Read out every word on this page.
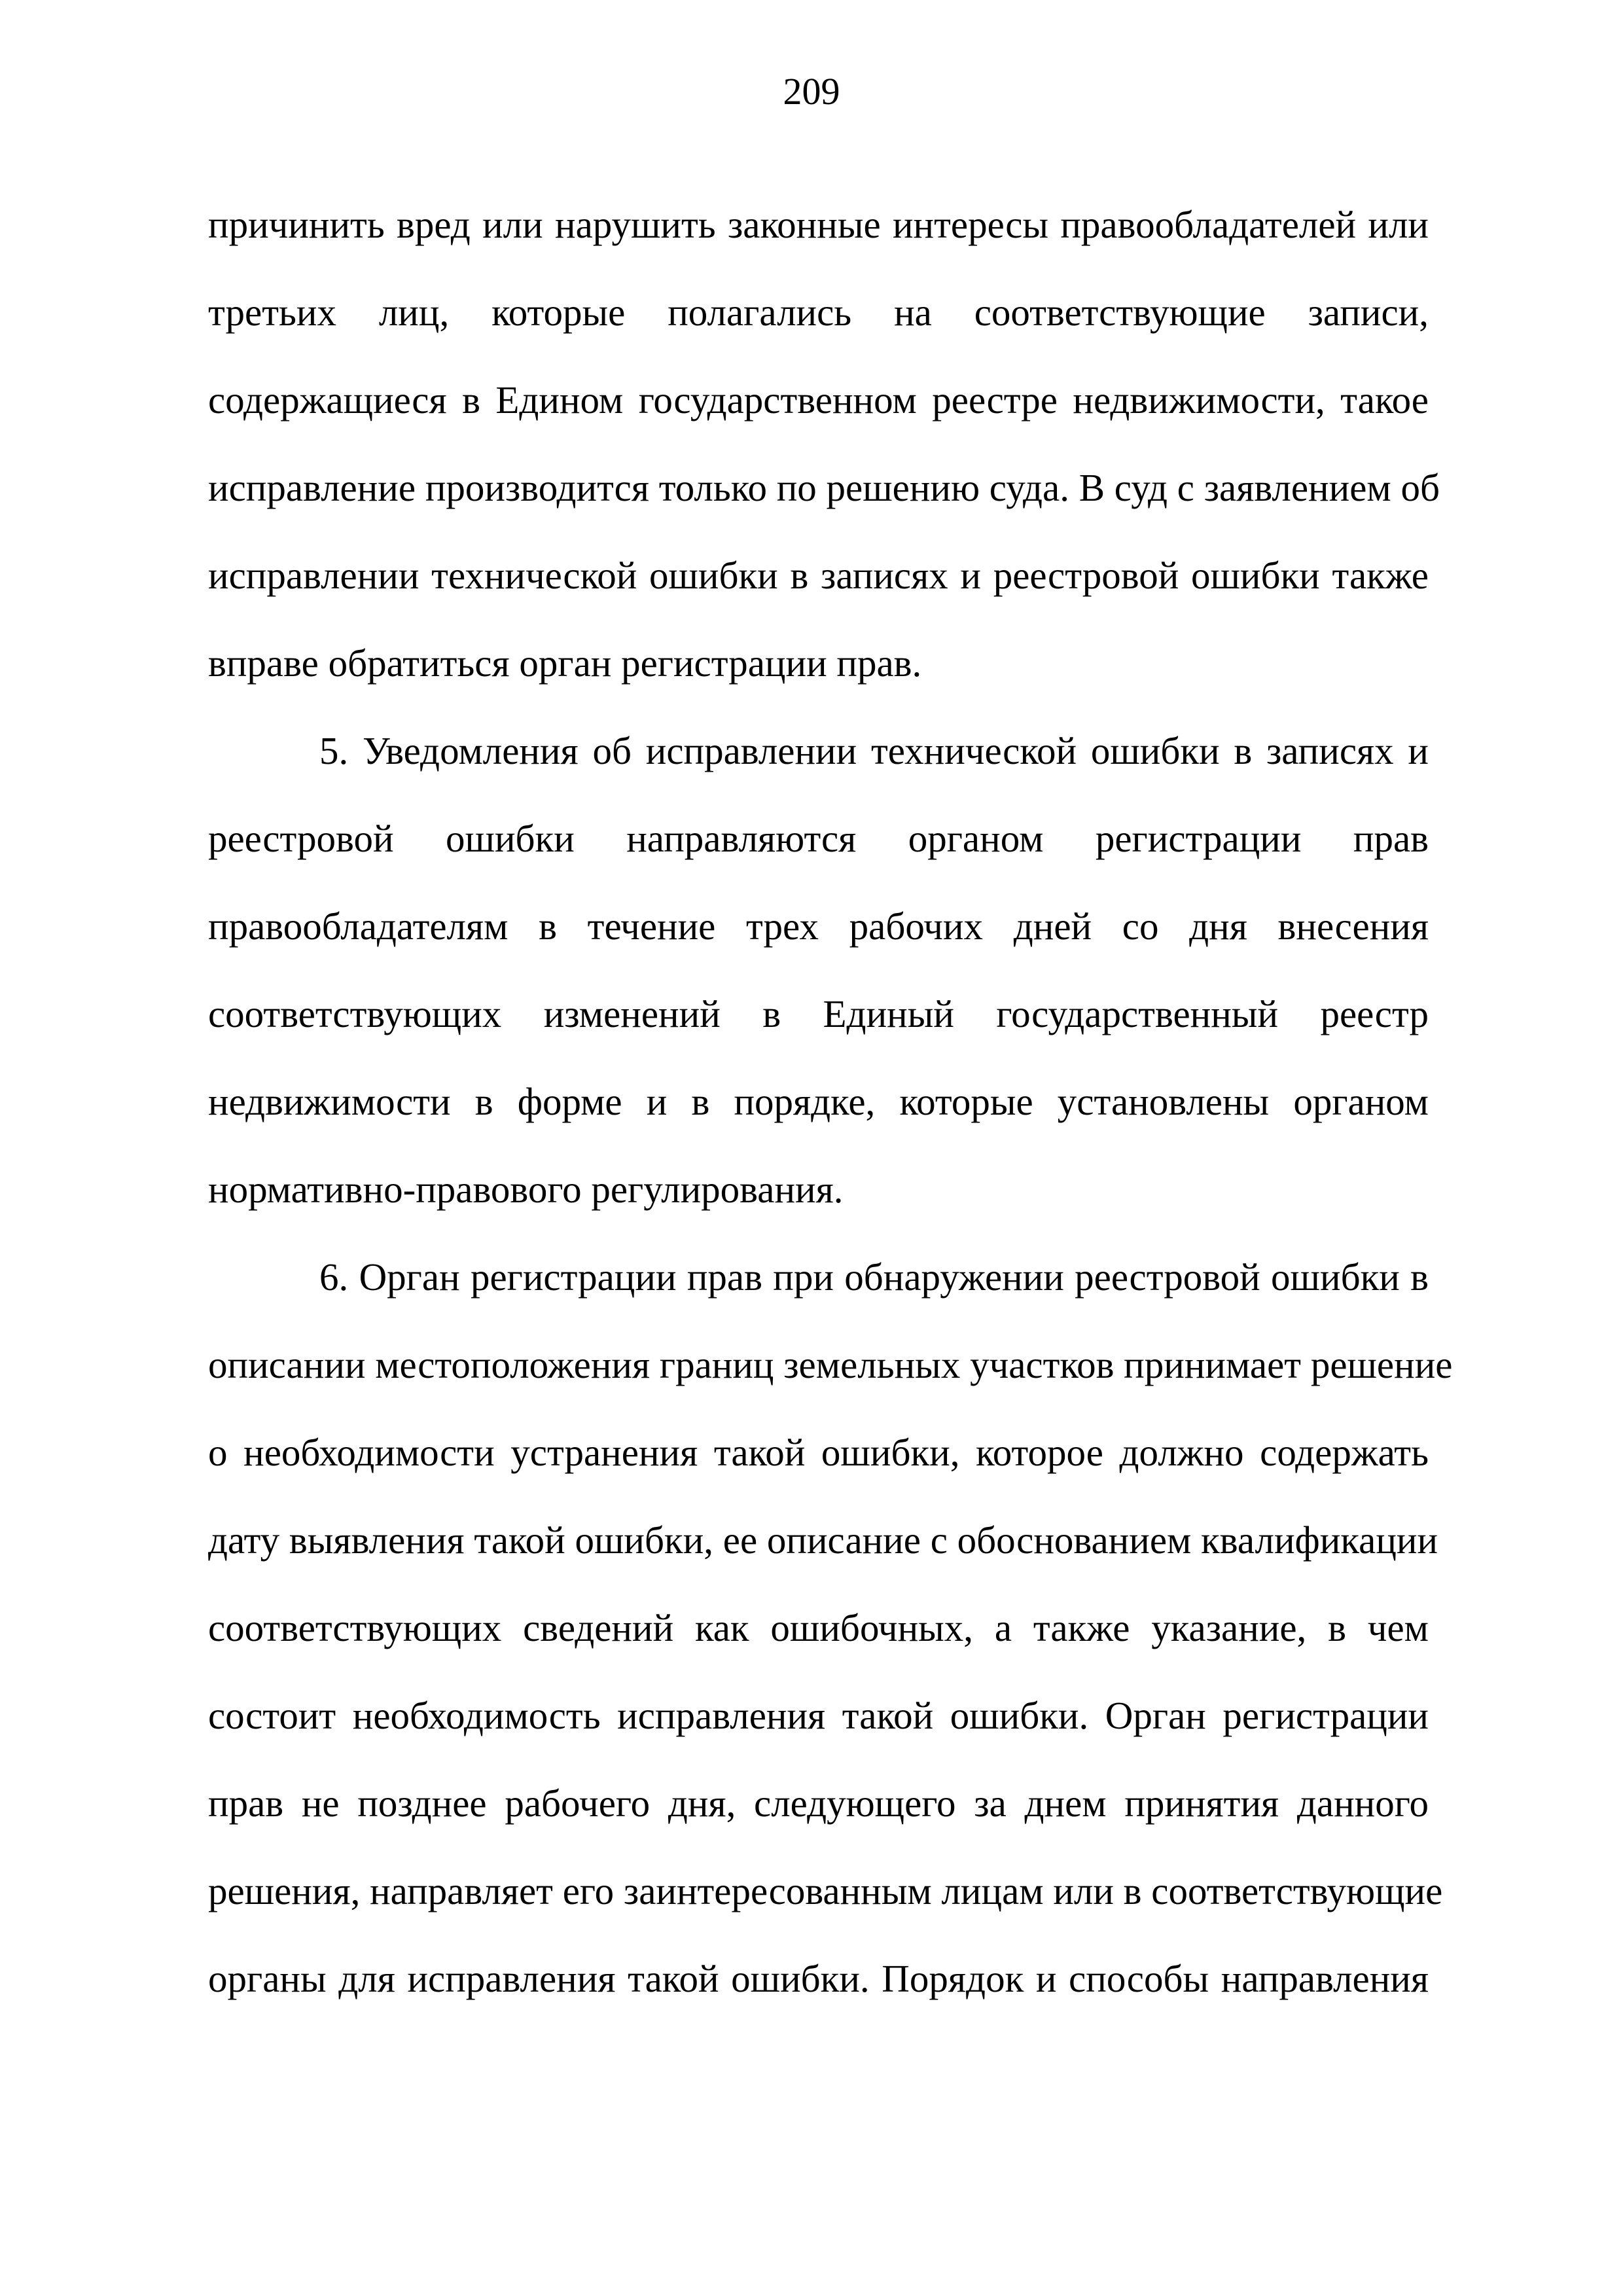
209

причинить вред или нарушить законные интересы правообладателей или
третьих лиц, которые полагались на соответствующие записи,
содержащиеся в Едином государственном реестре недвижимости, такое
исправление производится только по решению суда. В суд с заявлением об
исправлении технической ошибки в записях и реестровой ошибки также
вправе обратиться орган регистрации прав.

5. Уведомления об исправлении технической ошибки в записях и
реестровой ошибки направляются органом регистрации прав
правообладателям в течение трех рабочих дней со дня внесения
соответствующих изменений в Единый государственный реестр
недвижимости в форме и в порядке, которые установлены органом
нормативно-правового регулирования.

6. Орган регистрации прав при обнаружении реестровой ошибки в
описании местоположения границ земельных участков принимает решение
о необходимости устранения такой ошибки, которое должно содержать
дату выявления такой ошибки, ее описание с обоснованием квалификации
соответствующих сведений как ошибочных, а также указание, в чем
состоит необходимость исправления такой ошибки. Орган регистрации
прав не позднее рабочего дня, следующего за днем принятия данного
решения, направляет его заинтересованным лицам или в соответствующие
органы для исправления такой ошибки. Порядок и способы направления
